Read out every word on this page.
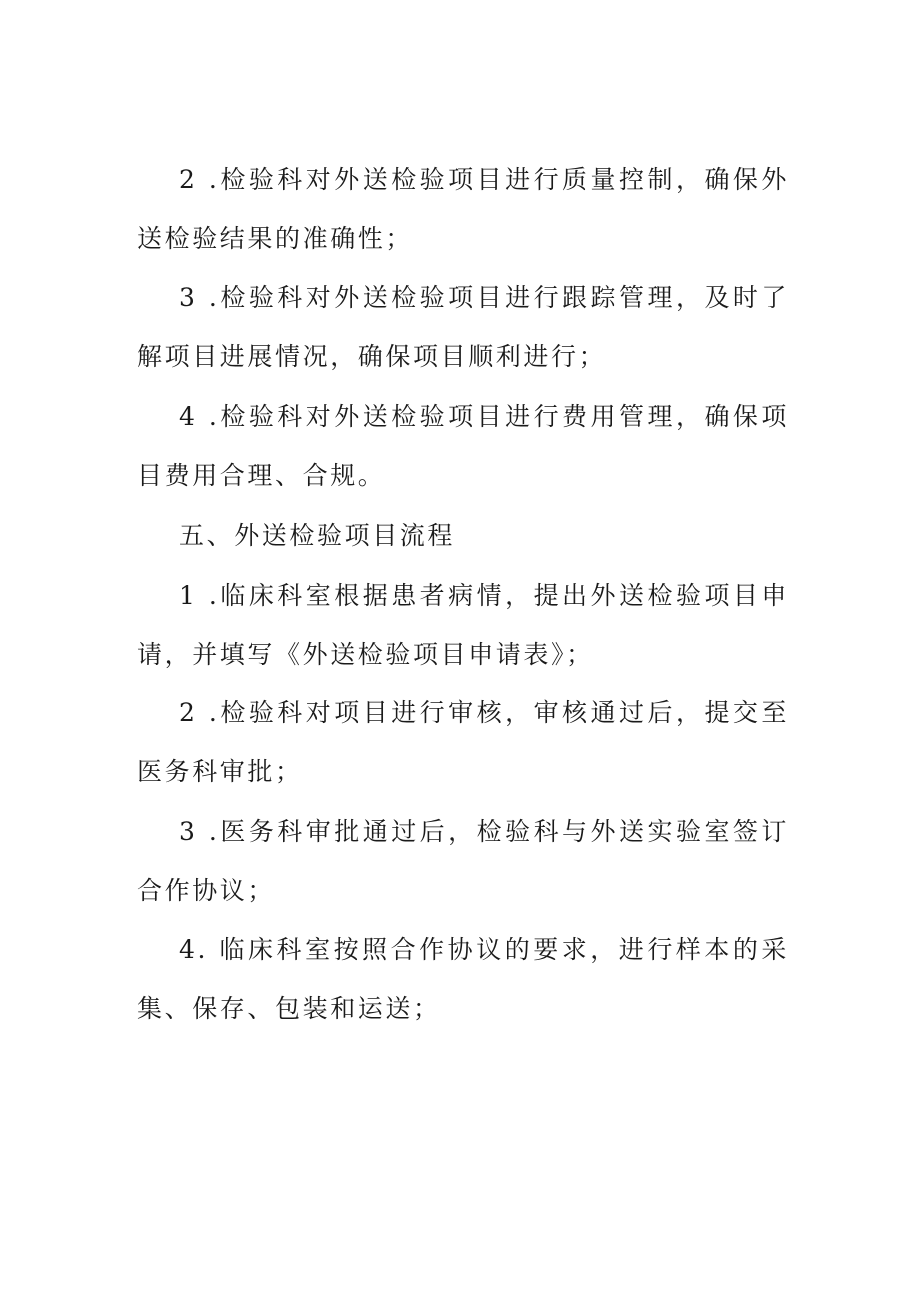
2 .检验科对外送检验项目进行质量控制，确保外送检验结果的准确性；

3 .检验科对外送检验项目进行跟踪管理，及时了解项目进展情况，确保项目顺利进行；

4 .检验科对外送检验项目进行费用管理，确保项目费用合理、合规。

五、外送检验项目流程

1 .临床科室根据患者病情，提出外送检验项目申请，并填写《外送检验项目申请表》；

2 .检验科对项目进行审核，审核通过后，提交至医务科审批；

3 .医务科审批通过后，检验科与外送实验室签订合作协议；

4. 临床科室按照合作协议的要求，进行样本的采集、保存、包装和运送；
